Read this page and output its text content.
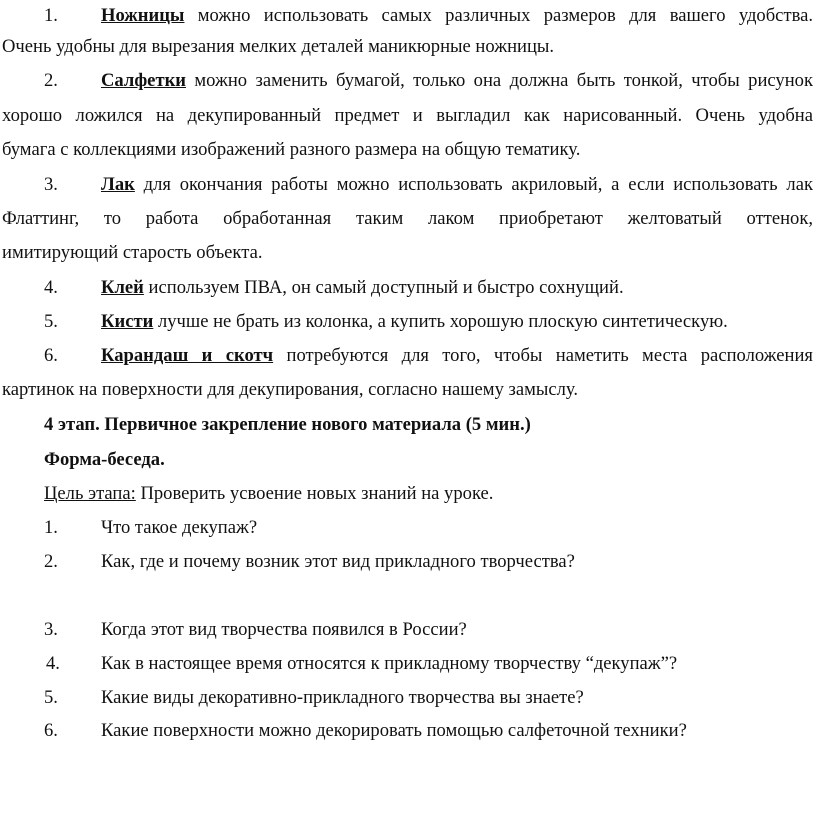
1.	Ножницы можно использовать самых различных размеров для вашего удобства.
Очень удобны для вырезания мелких деталей маникюрные ножницы.
2.	Салфетки можно заменить бумагой, только она должна быть тонкой, чтобы рисунок
хорошо ложился на декупированный предмет и выгладил как нарисованный. Очень удобна
бумага с коллекциями изображений разного размера на общую тематику.
3.	Лак для окончания работы можно использовать акриловый, а если использовать лак
Флаттинг, то работа обработанная таким лаком приобретают желтоватый оттенок,
имитирующий старость объекта.
4.	Клей используем ПВА, он самый доступный и быстро сохнущий.
5.	Кисти лучше не брать из колонка, а купить хорошую плоскую синтетическую.
6.	Карандаш и скотч потребуются для того, чтобы наметить места расположения
картинок на поверхности для декупирования, согласно нашему замыслу.
4 этап. Первичное закрепление нового материала (5 мин.)
Форма-беседа.
Цель этапа: Проверить усвоение новых знаний на уроке.
1.	Что такое декупаж?
2.	Как, где и почему возник этот вид прикладного творчества?
3.	Когда этот вид творчества появился в России?
4.	Как в настоящее время относятся к прикладному творчеству “декупаж”?
5.	Какие виды декоративно-прикладного творчества вы знаете?
6.	Какие поверхности можно декорировать помощью салфеточной техники?
